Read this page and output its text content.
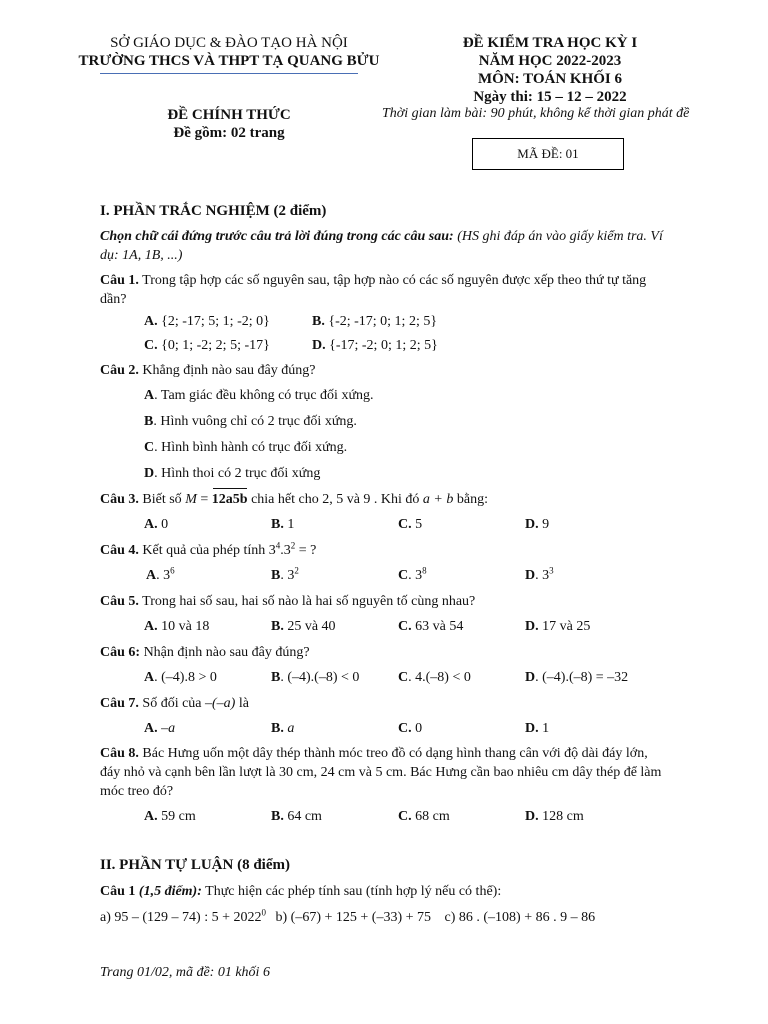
SỞ GIÁO DỤC & ĐÀO TẠO HÀ NỘI
TRƯỜNG THCS VÀ THPT TẠ QUANG BỬU
ĐỀ CHÍNH THỨC
Đề gồm: 02 trang
ĐỀ KIỂM TRA HỌC KỲ I
NĂM HỌC 2022-2023
MÔN: TOÁN KHỐI 6
Ngày thi: 15 – 12 – 2022
Thời gian làm bài: 90 phút, không kể thời gian phát đề
MÃ ĐỀ: 01
I. PHẦN TRẮC NGHIỆM (2 điểm)
Chọn chữ cái đứng trước câu trả lời đúng trong các câu sau: (HS ghi đáp án vào giấy kiểm tra. Ví dụ: 1A, 1B, ...)
Câu 1. Trong tập hợp các số nguyên sau, tập hợp nào có các số nguyên được xếp theo thứ tự tăng dần?
A. {2; -17; 5; 1; -2; 0}	B. {-2; -17; 0; 1; 2; 5}
C. {0; 1; -2; 2; 5; -17}	D. {-17; -2; 0; 1; 2; 5}
Câu 2. Khẳng định nào sau đây đúng?
A. Tam giác đều không có trục đối xứng.
B. Hình vuông chỉ có 2 trục đối xứng.
C. Hình bình hành có trục đối xứng.
D. Hình thoi có 2 trục đối xứng
Câu 3. Biết số M = 12a5b chia hết cho 2, 5 và 9 . Khi đó a + b bằng:
A. 0	B. 1	C. 5	D. 9
Câu 4. Kết quả của phép tính $3^4.3^2$ = ?
A. $3^6$	B. $3^2$	C. $3^8$	D. $3^3$
Câu 5. Trong hai số sau, hai số nào là hai số nguyên tố cùng nhau?
A. 10 và 18	B. 25 và 40	C. 63 và 54	D. 17 và 25
Câu 6: Nhận định nào sau đây đúng?
A. (–4).8 > 0	B. (–4).(–8) < 0	C. 4.(–8) < 0	D. (–4).(–8) = –32
Câu 7. Số đối của –(–a) là
A. –a	B. a	C. 0	D. 1
Câu 8. Bác Hưng uốn một dây thép thành móc treo đồ có dạng hình thang cân với độ dài đáy lớn, đáy nhỏ và cạnh bên lần lượt là 30 cm, 24 cm và 5 cm. Bác Hưng cần bao nhiêu cm dây thép để làm móc treo đó?
A. 59 cm	B. 64 cm	C. 68 cm	D. 128 cm
II. PHẦN TỰ LUẬN (8 điểm)
Câu 1 (1,5 điểm): Thực hiện các phép tính sau (tính hợp lý nếu có thể):
a) 95 – (129 – 74) : $5 + 2022^0$ b) (–67) + 125 + (–33) + 75 c) 86 . (–108) + 86 . 9 – 86
Trang 01/02, mã đề: 01 khối 6
